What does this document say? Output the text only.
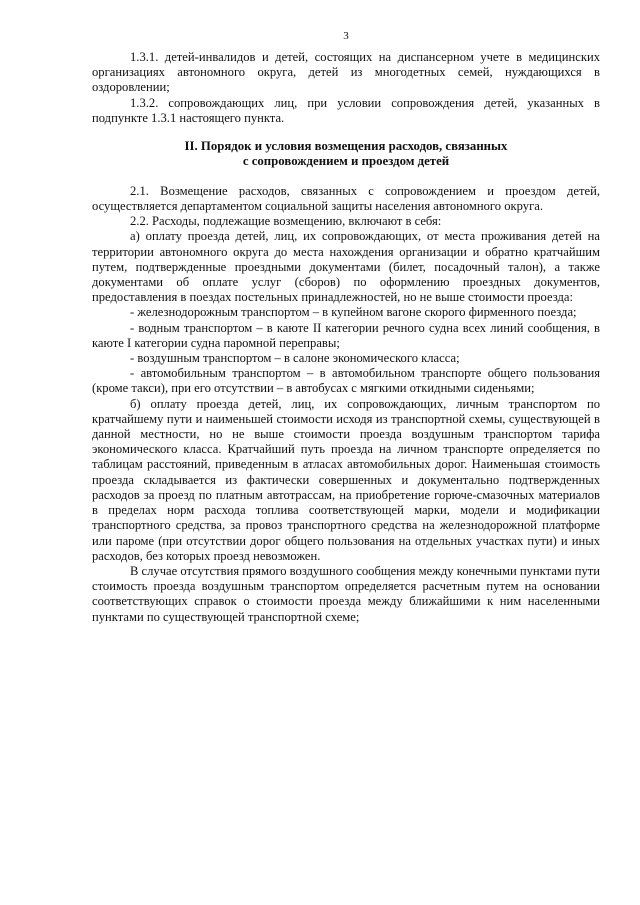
3

1.3.1. детей-инвалидов и детей, состоящих на диспансерном учете в медицинских организациях автономного округа, детей из многодетных семей, нуждающихся в оздоровлении;

1.3.2. сопровождающих лиц, при условии сопровождения детей, указанных в подпункте 1.3.1 настоящего пункта.

II. Порядок и условия возмещения расходов, связанных
с сопровождением и проездом детей

2.1. Возмещение расходов, связанных с сопровождением и проездом детей, осуществляется департаментом социальной защиты населения автономного округа.

2.2. Расходы, подлежащие возмещению, включают в себя:

а) оплату проезда детей, лиц, их сопровождающих, от места проживания детей на территории автономного округа до места нахождения организации и обратно кратчайшим путем, подтвержденные проездными документами (билет, посадочный талон), а также документами об оплате услуг (сборов) по оформлению проездных документов, предоставления в поездах постельных принадлежностей, но не выше стоимости проезда:

- железнодорожным транспортом – в купейном вагоне скорого фирменного поезда;

- водным транспортом – в каюте II категории речного судна всех линий сообщения, в каюте I категории судна паромной переправы;

- воздушным транспортом – в салоне экономического класса;

- автомобильным транспортом – в автомобильном транспорте общего пользования (кроме такси), при его отсутствии – в автобусах с мягкими откидными сиденьями;

б) оплату проезда детей, лиц, их сопровождающих, личным транспортом по кратчайшему пути и наименьшей стоимости исходя из транспортной схемы, существующей в данной местности, но не выше стоимости проезда воздушным транспортом тарифа экономического класса. Кратчайший путь проезда на личном транспорте определяется по таблицам расстояний, приведенным в атласах автомобильных дорог. Наименьшая стоимость проезда складывается из фактически совершенных и документально подтвержденных расходов за проезд по платным автотрассам, на приобретение горюче-смазочных материалов в пределах норм расхода топлива соответствующей марки, модели и модификации транспортного средства, за провоз транспортного средства на железнодорожной платформе или пароме (при отсутствии дорог общего пользования на отдельных участках пути) и иных расходов, без которых проезд невозможен.

В случае отсутствия прямого воздушного сообщения между конечными пунктами пути стоимость проезда воздушным транспортом определяется расчетным путем на основании соответствующих справок о стоимости проезда между ближайшими к ним населенными пунктами по существующей транспортной схеме;
